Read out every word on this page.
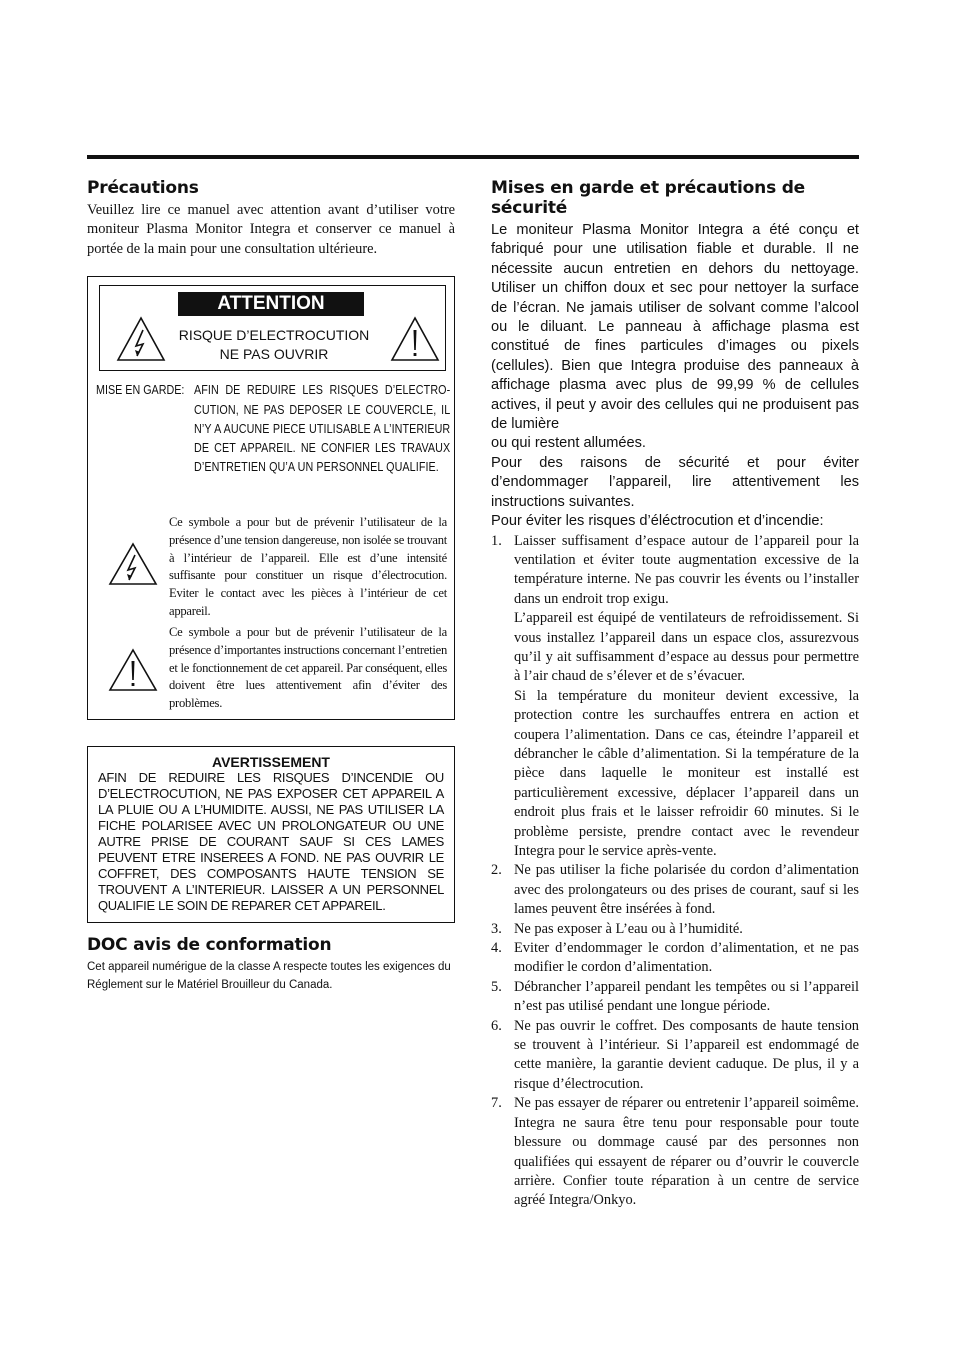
Précautions

Veuillez lire ce manuel avec attention avant d’utiliser votre moniteur Plasma Monitor Integra et conserver ce manuel à portée de la main pour une consultation ultérieure.

ATTENTION
RISQUE D’ELECTROCUTION
NE PAS OUVRIR
MISE EN GARDE: AFIN DE REDUIRE LES RISQUES D’ELECTRO-CUTION, NE PAS DEPOSER LE COUVERCLE, IL N’Y A AUCUNE PIECE UTILISABLE A L’INTERIEUR DE CET APPAREIL. NE CONFIER LES TRAVAUX D’ENTRETIEN QU’A UN PERSONNEL QUALIFIE.
Ce symbole a pour but de prévenir l’utilisateur de la présence d’une tension dangereuse, non isolée se trouvant à l’intérieur de l’appareil. Elle est d’une intensité suffisante pour constituer un risque d’électrocution. Eviter le contact avec les pièces à l’intérieur de cet appareil.
Ce symbole a pour but de prévenir l’utilisateur de la présence d’importantes instructions concernant l’entretien et le fonctionnement de cet appareil. Par conséquent, elles doivent être lues attentivement afin d’éviter des problèmes.
AVERTISSEMENT
AFIN DE REDUIRE LES RISQUES D’INCENDIE OU D’ELECTROCUTION, NE PAS EXPOSER CET APPAREIL A LA PLUIE OU A L’HUMIDITE. AUSSI, NE PAS UTILISER LA FICHE POLARISEE AVEC UN PROLONGATEUR OU UNE AUTRE PRISE DE COURANT SAUF SI CES LAMES PEUVENT ETRE INSEREES A FOND. NE PAS OUVRIR LE COFFRET, DES COMPOSANTS HAUTE TENSION SE TROUVENT A L’INTERIEUR. LAISSER A UN PERSONNEL QUALIFIE LE SOIN DE REPARER CET APPAREIL.
DOC avis de conformation

Cet appareil numérigue de la classe A respecte toutes les exigences du Réglement sur le Matériel Brouilleur du Canada.

Mises en garde et précautions de sécurité

Le moniteur Plasma Monitor Integra a été conçu et fabriqué pour une utilisation fiable et durable. Il ne nécessite aucun entretien en dehors du nettoyage. Utiliser un chiffon doux et sec pour nettoyer la surface de l’écran. Ne jamais utiliser de solvant comme l’alcool ou le diluant. Le panneau à affichage plasma est constitué de fines particules d’images ou pixels (cellules). Bien que Integra produise des panneaux à affichage plasma avec plus de 99,99 % de cellules actives, il peut y avoir des cellules qui ne produisent pas de lumière

ou qui restent allumées.

Pour des raisons de sécurité et pour éviter d’endommager l’appareil, lire attentivement les instructions suivantes.

Pour éviter les risques d’éléctrocution et d’incendie:

1. Laisser suffisament d’espace autour de l’appareil pour la ventilation et éviter toute augmentation excessive de la température interne. Ne pas couvrir les évents ou l’installer dans un endroit trop exigu.
L’appareil est équipé de ventilateurs de refroidissement. Si vous installez l’appareil dans un espace clos, assurezvous qu’il y ait suffisamment d’espace au dessus pour permettre à l’air chaud de s’élever et de s’évacuer.
Si la température du moniteur devient excessive, la protection contre les surchauffes entrera en action et coupera l’alimentation. Dans ce cas, éteindre l’appareil et débrancher le câble d’alimentation. Si la température de la pièce dans laquelle le moniteur est installé est particulièrement excessive, déplacer l’appareil dans un endroit plus frais et le laisser refroidir 60 minutes. Si le problème persiste, prendre contact avec le revendeur Integra pour le service après-vente.
2. Ne pas utiliser la fiche polarisée du cordon d’alimentation avec des prolongateurs ou des prises de courant, sauf si les lames peuvent être insérées à fond.
3. Ne pas exposer à L’eau ou à l’humidité.
4. Eviter d’endommager le cordon d’alimentation, et ne pas modifier le cordon d’alimentation.
5. Débrancher l’appareil pendant les tempêtes ou si l’appareil n’est pas utilisé pendant une longue période.
6. Ne pas ouvrir le coffret. Des composants de haute tension se trouvent à l’intérieur. Si l’appareil est endommagé de cette manière, la garantie devient caduque. De plus, il y a risque d’électrocution.
7. Ne pas essayer de réparer ou entretenir l’appareil soimême. Integra ne saura être tenu pour responsable pour toute blessure ou dommage causé par des personnes non qualifiées qui essayent de réparer ou d’ouvrir le couvercle arrière. Confier toute réparation à un centre de service agréé Integra/Onkyo.
